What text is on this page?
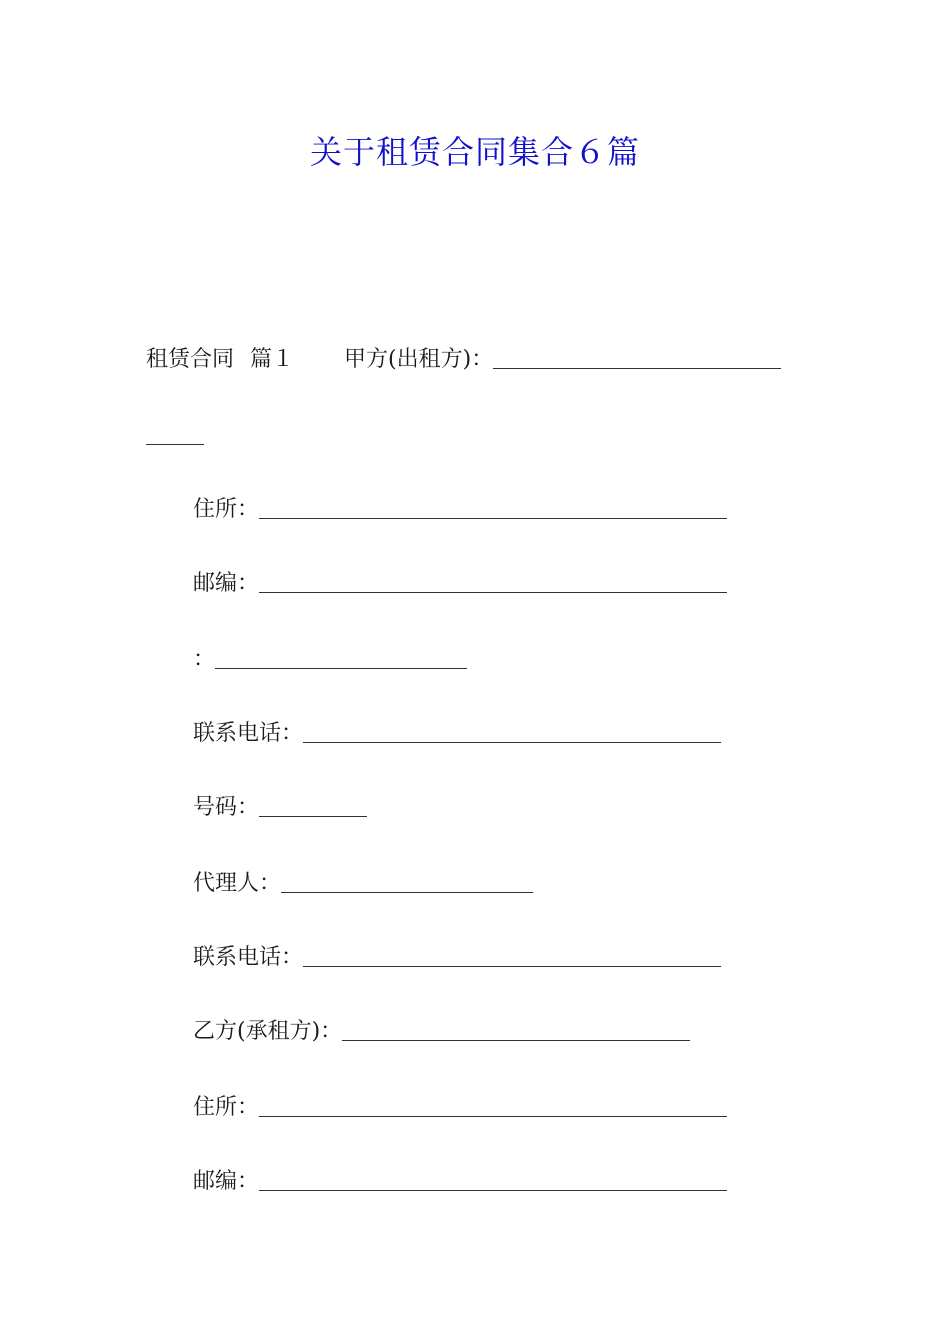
关于租赁合同集合６篇
租赁合同 篇１ 甲方(出租方)：
住所：
邮编：
：
联系电话：
号码：
代理人：
联系电话：
乙方(承租方)：
住所：
邮编：
